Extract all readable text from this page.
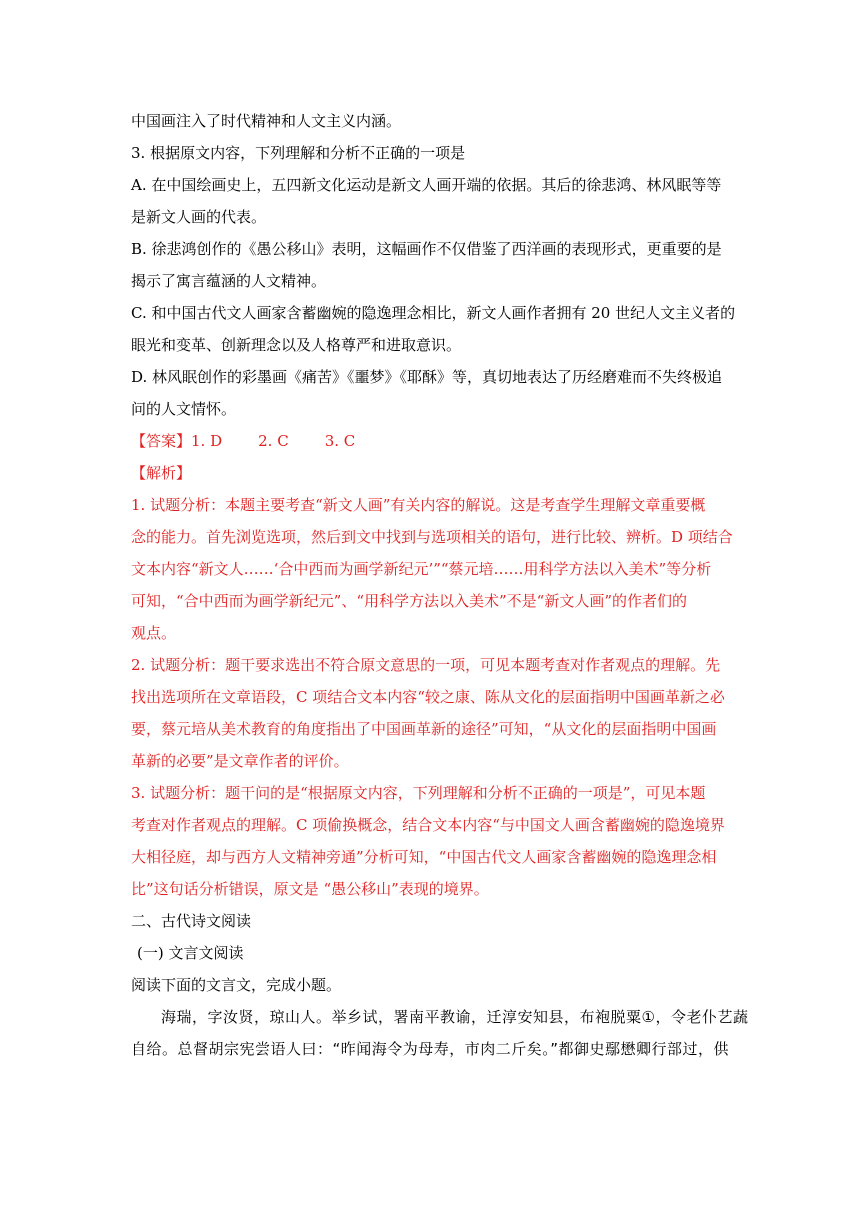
中国画注入了时代精神和人文主义内涵。

3. 根据原文内容，下列理解和分析不正确的一项是

A. 在中国绘画史上，五四新文化运动是新文人画开端的依据。其后的徐悲鸿、林风眠等等

是新文人画的代表。

B. 徐悲鸿创作的《愚公移山》表明，这幅画作不仅借鉴了西洋画的表现形式，更重要的是

揭示了寓言蕴涵的人文精神。

C. 和中国古代文人画家含蓄幽婉的隐逸理念相比，新文人画作者拥有 20 世纪人文主义者的

眼光和变革、创新理念以及人格尊严和进取意识。

D. 林风眠创作的彩墨画《痛苦》《噩梦》《耶酥》等，真切地表达了历经磨难而不失终极追

问的人文情怀。

【答案】1. D 2. C 3. C

【解析】

1. 试题分析：本题主要考查“新文人画”有关内容的解说。这是考查学生理解文章重要概

念的能力。首先浏览选项，然后到文中找到与选项相关的语句，进行比较、辨析。D 项结合

文本内容“新文人……‘合中西而为画学新纪元’”“蔡元培……用科学方法以入美术”等分析

可知，“合中西而为画学新纪元”、“用科学方法以入美术”不是“新文人画”的作者们的

观点。

2. 试题分析：题干要求选出不符合原文意思的一项，可见本题考查对作者观点的理解。先

找出选项所在文章语段，C 项结合文本内容“较之康、陈从文化的层面指明中国画革新之必

要，蔡元培从美术教育的角度指出了中国画革新的途径”可知，“从文化的层面指明中国画

革新的必要”是文章作者的评价。

3. 试题分析：题干问的是“根据原文内容，下列理解和分析不正确的一项是”，可见本题

考查对作者观点的理解。C 项偷换概念，结合文本内容“与中国文人画含蓄幽婉的隐逸境界

大相径庭，却与西方人文精神旁通”分析可知，“中国古代文人画家含蓄幽婉的隐逸理念相

比”这句话分析错误，原文是 “愚公移山”表现的境界。

二、古代诗文阅读

(一) 文言文阅读

阅读下面的文言文，完成小题。

海瑞，字汝贤，琼山人。举乡试，署南平教谕，迁淳安知县，布袍脱粟①，令老仆艺蔬

自给。总督胡宗宪尝语人曰：“昨闻海令为母寿，市肉二斤矣。”都御史鄢懋卿行部过，供
